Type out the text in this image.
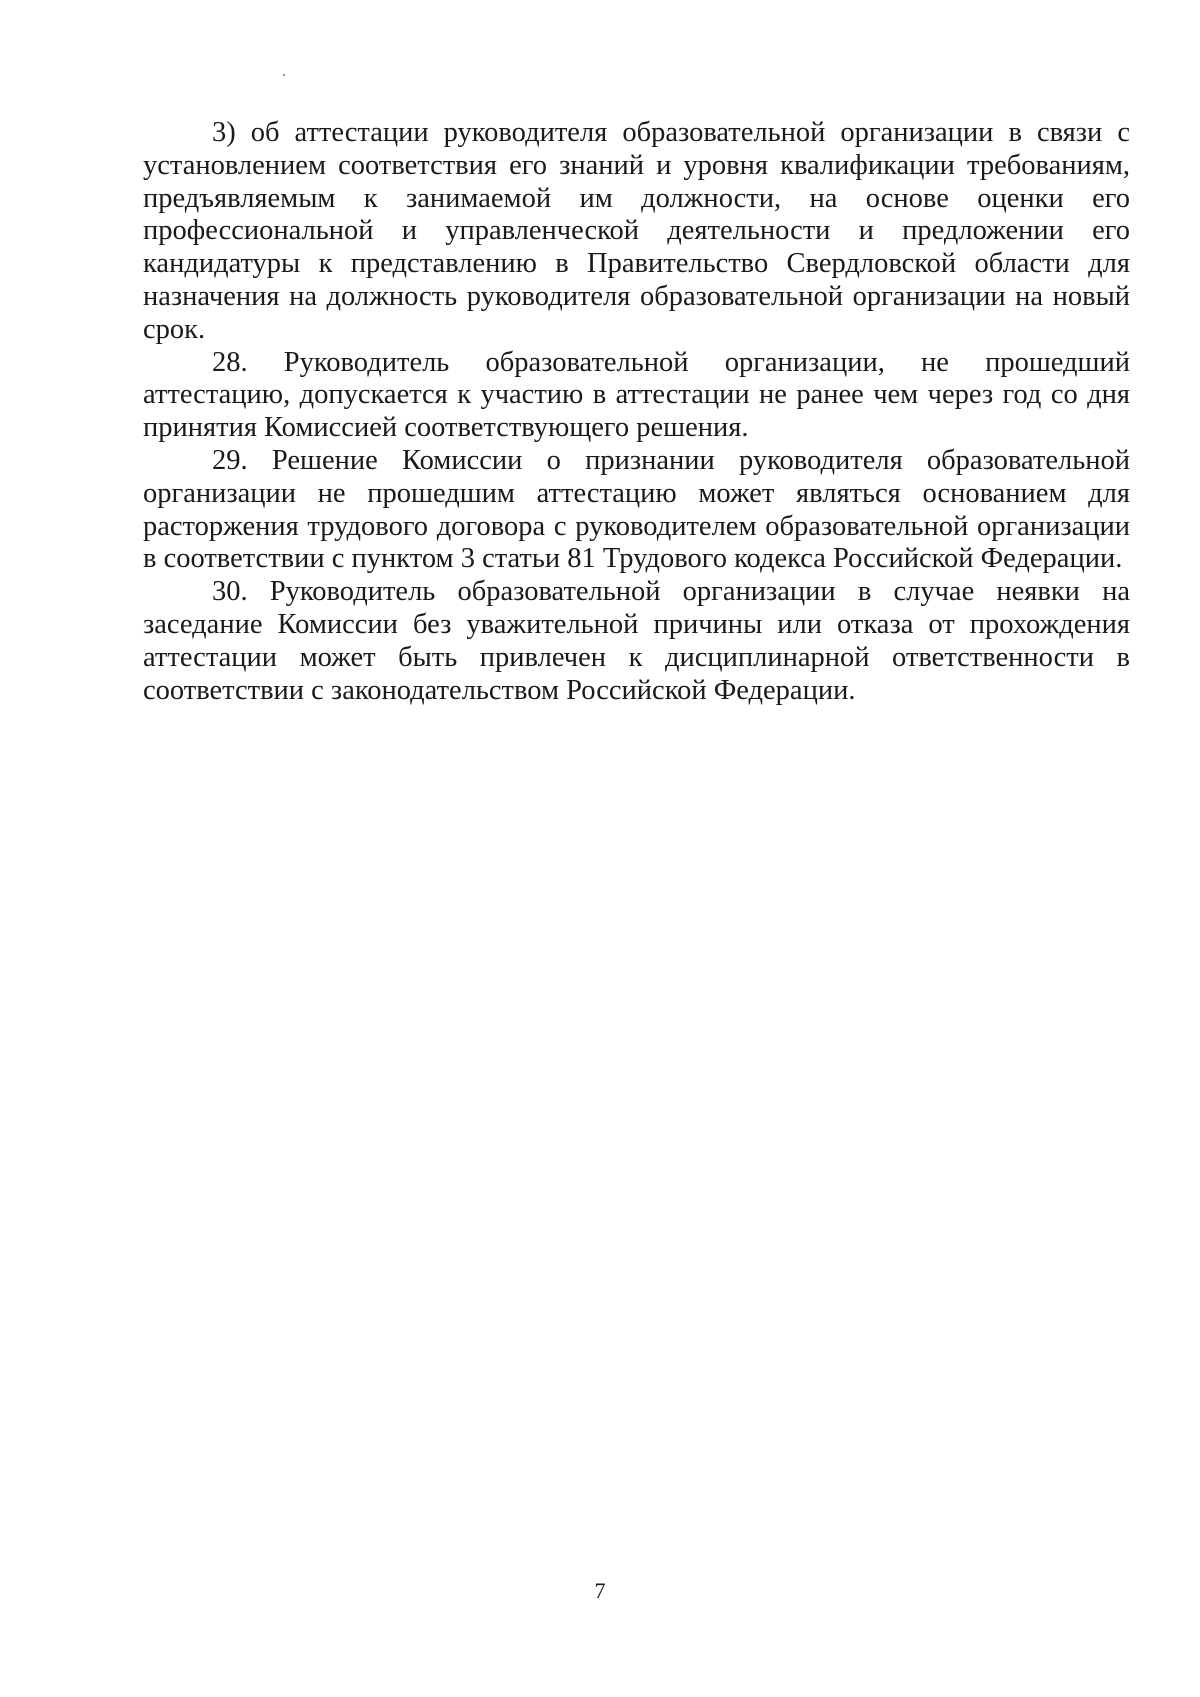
3) об аттестации руководителя образовательной организации в связи с установлением соответствия его знаний и уровня квалификации требованиям, предъявляемым к занимаемой им должности, на основе оценки его профессиональной и управленческой деятельности и предложении его кандидатуры к представлению в Правительство Свердловской области для назначения на должность руководителя образовательной организации на новый срок.

28. Руководитель образовательной организации, не прошедший аттестацию, допускается к участию в аттестации не ранее чем через год со дня принятия Комиссией соответствующего решения.

29. Решение Комиссии о признании руководителя образовательной организации не прошедшим аттестацию может являться основанием для расторжения трудового договора с руководителем образовательной организации в соответствии с пунктом 3 статьи 81 Трудового кодекса Российской Федерации.

30. Руководитель образовательной организации в случае неявки на заседание Комиссии без уважительной причины или отказа от прохождения аттестации может быть привлечен к дисциплинарной ответственности в соответствии с законодательством Российской Федерации.

7
